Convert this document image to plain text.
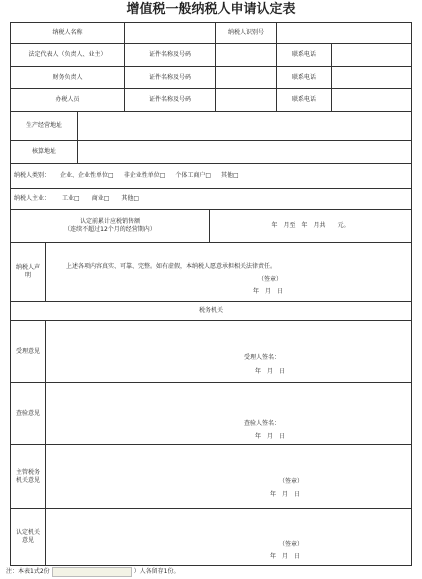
增值税一般纳税人申请认定表
纳税人名称	纳税人识别号
法定代表人（负责人、业主）	证件名称及号码	联系电话
财务负责人	证件名称及号码	联系电话
办税人员	证件名称及号码	联系电话
生产经营地址
核算地址
纳税人类别： 企业、企业性单位□ 非企业性单位□ 个体工商户□ 其他□
纳税人主业： 工业□ 商业□ 其他□
认定前累计应税销售额
（连续不超过12个月的经营期内）
年　月至　年　月共　　元。
纳税人声明
上述各项内容真实、可靠、完整。如有虚假，本纳税人愿意承担相关法律责任。
（签章）
年　月　日
税务机关
受理意见
受理人签名：
年　月　日
查验意见
查验人签名：
年　月　日
主管税务机关意见	（签章）
年　月　日
认定机关意见
（签章）
年　月　日
注：本表1式2份	）人各留存1份。
